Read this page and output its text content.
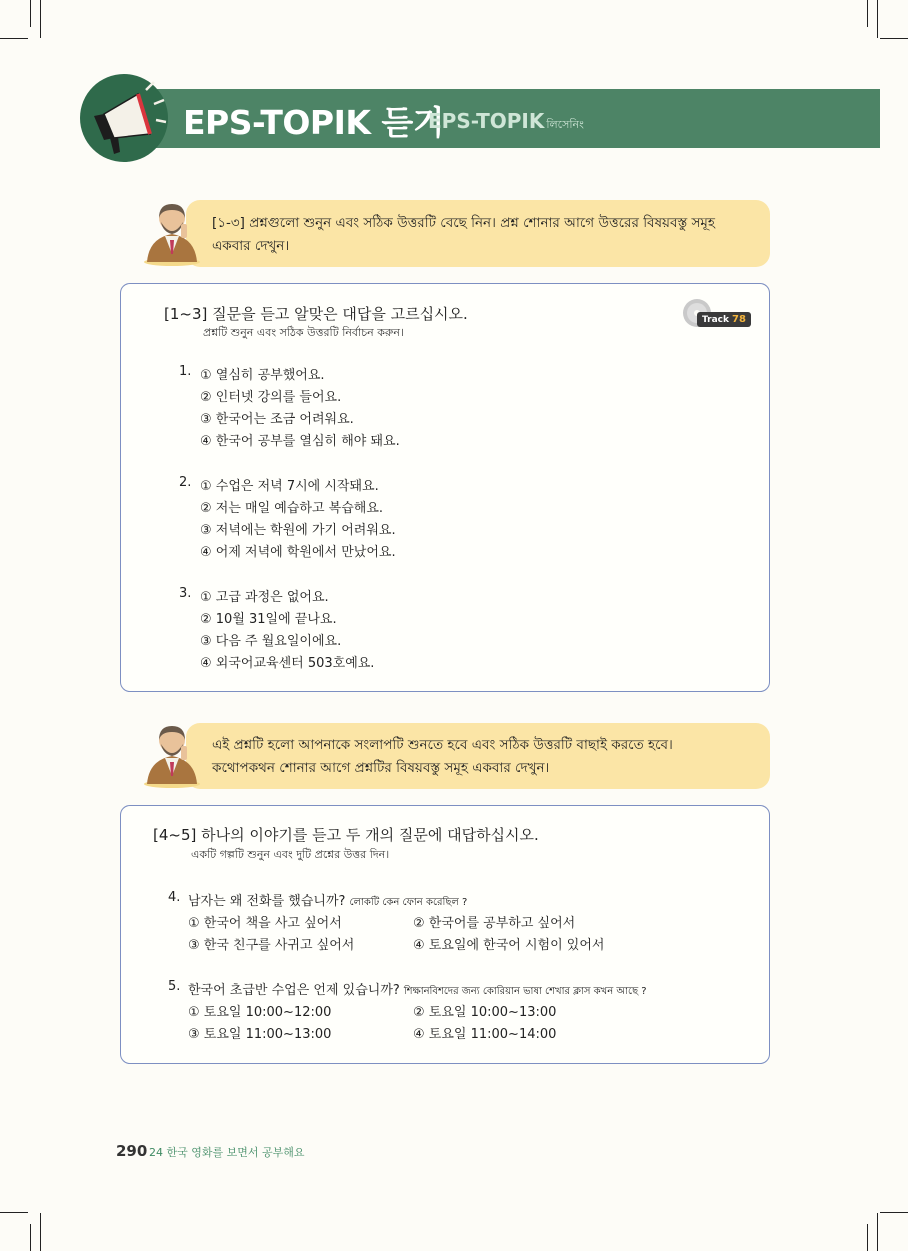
EPS-TOPIK 듣기
EPS-TOPIK লিসেনিং
[১-৩] প্রশ্নগুলো শুনুন এবং সঠিক উত্তরটি বেছে নিন। প্রশ্ন শোনার আগে উত্তরের বিষয়বস্তু সমূহ
একবার দেখুন।
[1~3] 질문을 듣고 알맞은 대답을 고르십시오.
প্রশ্নটি শুনুন এবং সঠিক উত্তরটি নির্বাচন করুন।
1. ① 열심히 공부했어요.
② 인터넷 강의를 들어요.
③ 한국어는 조금 어려워요.
④ 한국어 공부를 열심히 해야 돼요.
2. ① 수업은 저녁 7시에 시작돼요.
② 저는 매일 예습하고 복습해요.
③ 저녁에는 학원에 가기 어려워요.
④ 어제 저녁에 학원에서 만났어요.
3. ① 고급 과정은 없어요.
② 10월 31일에 끝나요.
③ 다음 주 월요일이에요.
④ 외국어교육센터 503호예요.
Track 78
এই প্রশ্নটি হলো আপনাকে সংলাপটি শুনতে হবে এবং সঠিক উত্তরটি বাছাই করতে হবে।
কথোপকথন শোনার আগে প্রশ্নটির বিষয়বস্তু সমূহ একবার দেখুন।
[4~5] 하나의 이야기를 듣고 두 개의 질문에 대답하십시오.
একটি গল্পটি শুনুন এবং দুটি প্রশ্নের উত্তর দিন।
4. 남자는 왜 전화를 했습니까? লোকটি কেন ফোন করেছিল ?
① 한국어 책을 사고 싶어서	② 한국어를 공부하고 싶어서
③ 한국 친구를 사귀고 싶어서	④ 토요일에 한국어 시험이 있어서
5. 한국어 초급반 수업은 언제 있습니까? শিক্ষানবিশদের জন্য কোরিয়ান ভাষা শেখার ক্লাস কখন আছে ?
① 토요일 10:00~12:00	② 토요일 10:00~13:00
③ 토요일 11:00~13:00	④ 토요일 11:00~14:00
290 24 한국 영화를 보면서 공부해요
